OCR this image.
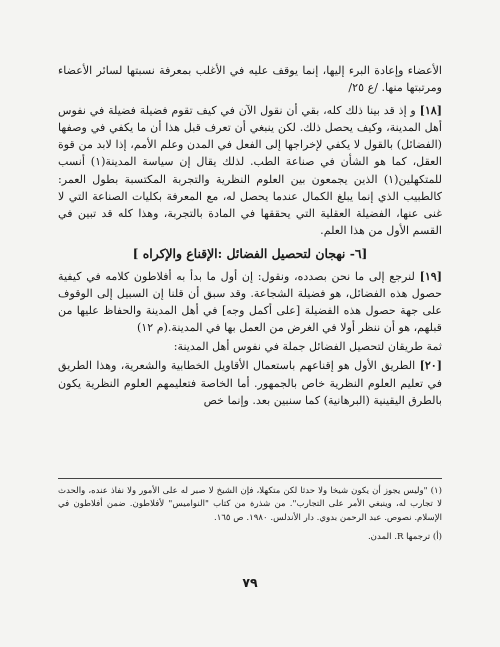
الأعضاء وإعادة البرء إليها، إنما يوقف عليه في الأغلب بمعرفة نسبتها لسائر الأعضاء ومرتبتها منها. /ع ٢٥/

[١٨] و إذ قد بينا ذلك كله، بقي أن نقول الآن في كيف تقوم فضيلة فضيلة في نفوس أهل المدينة، وكيف يحصل ذلك. لكن ينبغي أن تعرف قبل هذا أن ما يكفي في وصفها (الفضائل) بالقول لا يكفي لإخراجها إلى الفعل في المدن وعلم الأمم، إذا لابد من قوة العقل، كما هو الشأن في صناعة الطب. لذلك يقال إن سياسة المدينة(١) أنسب للمتكهلين(١) الذين يجمعون بين العلوم النظرية والتجربة المكتسبة بطول العمر: كالطبيب الذي إنما يبلغ الكمال عندما يحصل له، مع المعرفة بكليات الصناعة التي لا غنى عنها، الفضيلة العقلية التي يحققها في المادة بالتجربة، وهذا كله قد تبين في القسم الأول من هذا العلم.

[٦- نهجان لتحصيل الفضائل :الإقناع والإكراه ]

[١٩] لنرجع إلى ما نحن بصدده، ونقول: إن أول ما بدأ به أفلاطون كلامه في كيفية حصول هذه الفضائل، هو فضيلة الشجاعة. وقد سبق أن قلنا إن السبيل إلى الوقوف على جهة حصول هذه الفضيلة [على أكمل وجه] في أهل المدينة والحفاظ عليها من قبلهم، هو أن ننظر أولا في الغرض من العمل بها في المدينة.(م ١٢)

ثمة طريقان لتحصيل الفضائل جملة في نفوس أهل المدينة:

[٢٠] الطريق الأول هو إقناعهم باستعمال الأقاويل الخطابية والشعرية، وهذا الطريق في تعليم العلوم النظرية خاص بالجمهور. أما الخاصة فتعليمهم العلوم النظرية يكون بالطرق اليقينية (البرهانية) كما سنبين بعد. وإنما خص

(١) "وليس يجوز أن يكون شيخا ولا حدثا لكن متكهلا، فإن الشيخ لا صبر له على الأمور ولا نفاذ عنده، والحدث لا تجارب له، وينبغي الأمر على التجارب". من شذرة من كتاب "النواميس" لأفلاطون. ضمن أفلاطون في الإسلام. نصوص. عبد الرحمن بدوي. دار الأندلس. ١٩٨٠. ص ١٦٥.

(أ) ترجمها R. المدن.

٧٩
